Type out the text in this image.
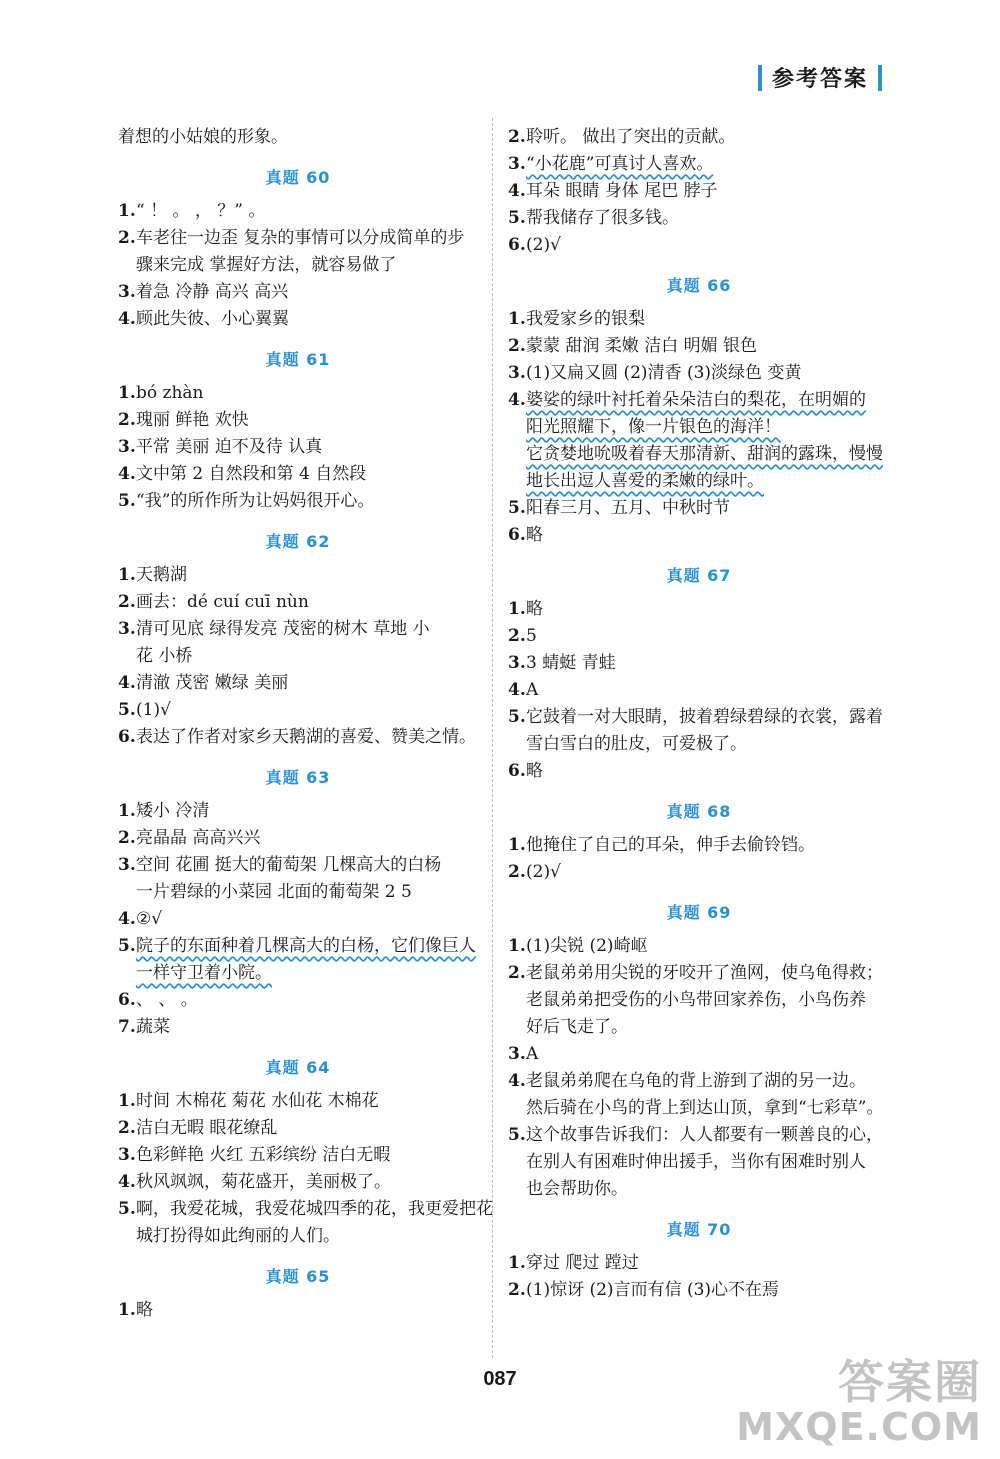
参考答案

着想的小姑娘的形象。

真题 60

1.“ ！ 。 ， ？” 。

2.车老往一边歪 复杂的事情可以分成简单的步

骤来完成 掌握好方法，就容易做了

3.着急 冷静 高兴 高兴

4.顾此失彼、小心翼翼

真题 61

1.bó zhàn

2.瑰丽 鲜艳 欢快

3.平常 美丽 迫不及待 认真

4.文中第 2 自然段和第 4 自然段

5.“我”的所作所为让妈妈很开心。

真题 62

1.天鹅湖

2.画去：dé cuí cuī nùn

3.清可见底 绿得发亮 茂密的树木 草地 小

花 小桥

4.清澈 茂密 嫩绿 美丽

5.(1)√

6.表达了作者对家乡天鹅湖的喜爱、赞美之情。

真题 63

1.矮小 冷清

2.亮晶晶 高高兴兴

3.空间 花圃 挺大的葡萄架 几棵高大的白杨

一片碧绿的小菜园 北面的葡萄架 2 5

4.②√

5.院子的东面种着几棵高大的白杨，它们像巨人

一样守卫着小院。

6.、 、 。

7.蔬菜

真题 64

1.时间 木棉花 菊花 水仙花 木棉花

2.洁白无暇 眼花缭乱

3.色彩鲜艳 火红 五彩缤纷 洁白无暇

4.秋风飒飒，菊花盛开，美丽极了。

5.啊，我爱花城，我爱花城四季的花，我更爱把花

城打扮得如此绚丽的人们。

真题 65

1.略

2.聆听。 做出了突出的贡献。

3.“小花鹿”可真讨人喜欢。

4.耳朵 眼睛 身体 尾巴 脖子

5.帮我储存了很多钱。

6.(2)√

真题 66

1.我爱家乡的银梨

2.蒙蒙 甜润 柔嫩 洁白 明媚 银色

3.(1)又扁又圆 (2)清香 (3)淡绿色 变黄

4.婆娑的绿叶衬托着朵朵洁白的梨花，在明媚的

阳光照耀下，像一片银色的海洋！

它贪婪地吮吸着春天那清新、甜润的露珠，慢慢

地长出逗人喜爱的柔嫩的绿叶。

5.阳春三月、五月、中秋时节

6.略

真题 67

1.略

2.5

3.3 蜻蜓 青蛙

4.A

5.它鼓着一对大眼睛，披着碧绿碧绿的衣裳，露着

雪白雪白的肚皮，可爱极了。

6.略

真题 68

1.他掩住了自己的耳朵，伸手去偷铃铛。

2.(2)√

真题 69

1.(1)尖锐 (2)崎岖

2.老鼠弟弟用尖锐的牙咬开了渔网，使乌龟得救；

老鼠弟弟把受伤的小鸟带回家养伤，小鸟伤养

好后飞走了。

3.A

4.老鼠弟弟爬在乌龟的背上游到了湖的另一边。

然后骑在小鸟的背上到达山顶，拿到“七彩草”。

5.这个故事告诉我们：人人都要有一颗善良的心，

在别人有困难时伸出援手，当你有困难时别人

也会帮助你。

真题 70

1.穿过 爬过 蹚过

2.(1)惊讶 (2)言而有信 (3)心不在焉

087	答案圈
MXQE.COM
